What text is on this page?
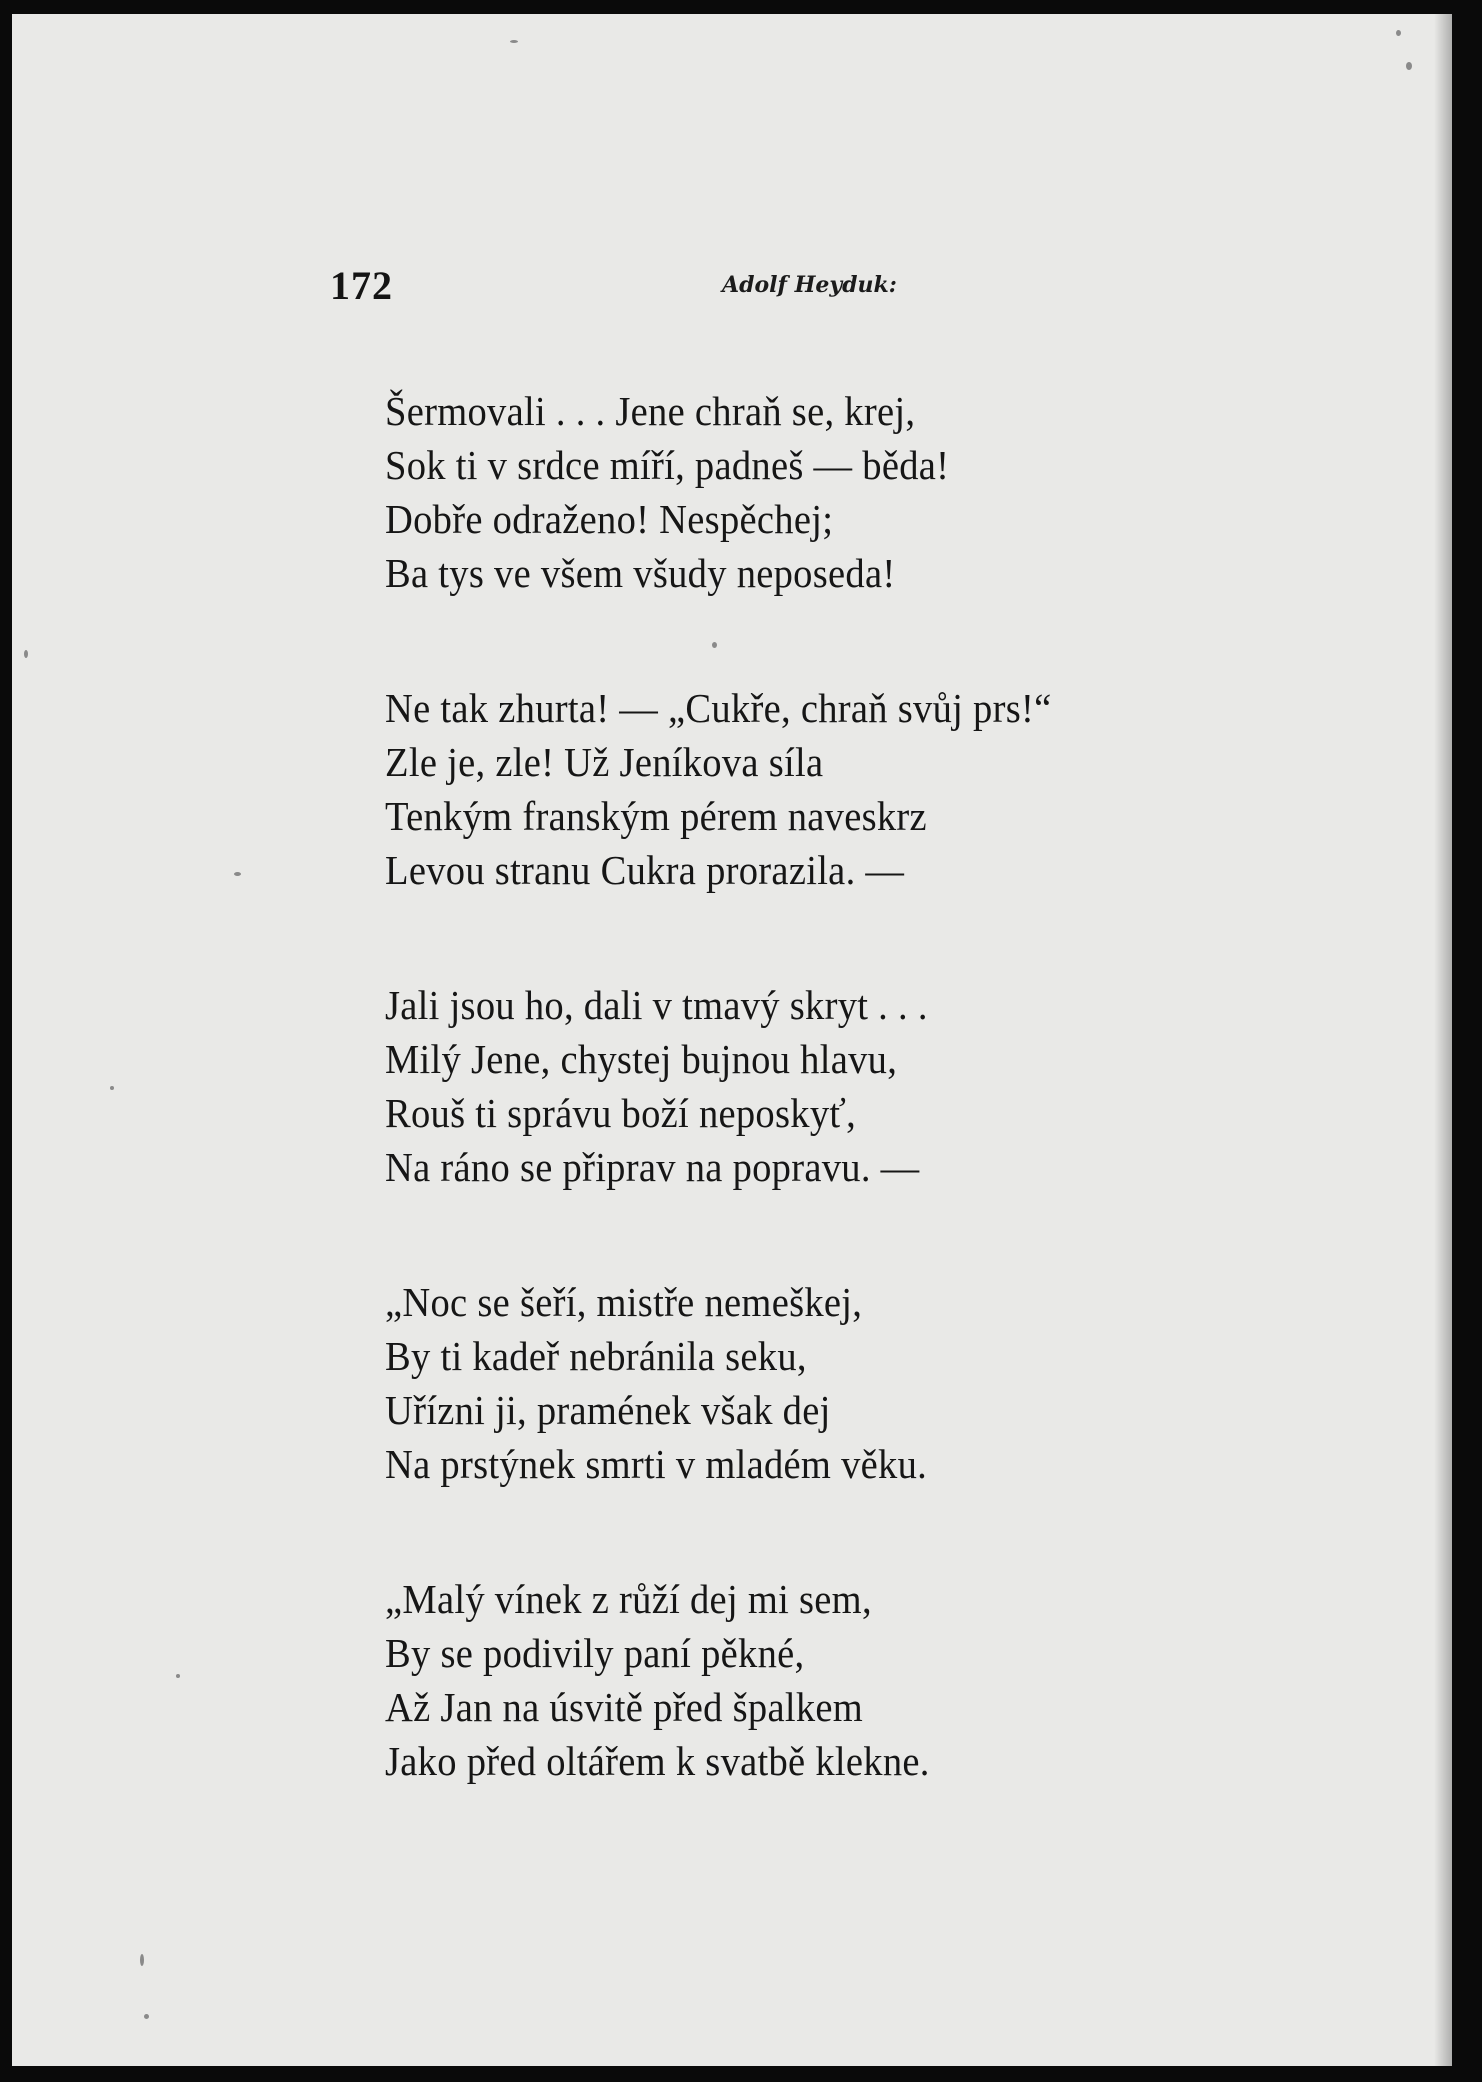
172	Adolf Heyduk:
Šermovali . . . Jene chraň se, krej,
Sok ti v srdce míří, padneš — běda!
Dobře odraženo! Nespěchej;
Ba tys ve všem všudy neposeda!
Ne tak zhurta! — „Cukře, chraň svůj prs!“
Zle je, zle! Už Jeníkova síla
Tenkým franským pérem naveskrz
Levou stranu Cukra prorazila. —
Jali jsou ho, dali v tmavý skryt . . .
Milý Jene, chystej bujnou hlavu,
Rouš ti správu boží neposkyť,
Na ráno se připrav na popravu. —
„Noc se šeří, mistře nemeškej,
By ti kadeř nebránila seku,
Uřízni ji, pramének však dej
Na prstýnek smrti v mladém věku.
„Malý vínek z růží dej mi sem,
By se podivily paní pěkné,
Až Jan na úsvitě před špalkem
Jako před oltářem k svatbě klekne.
